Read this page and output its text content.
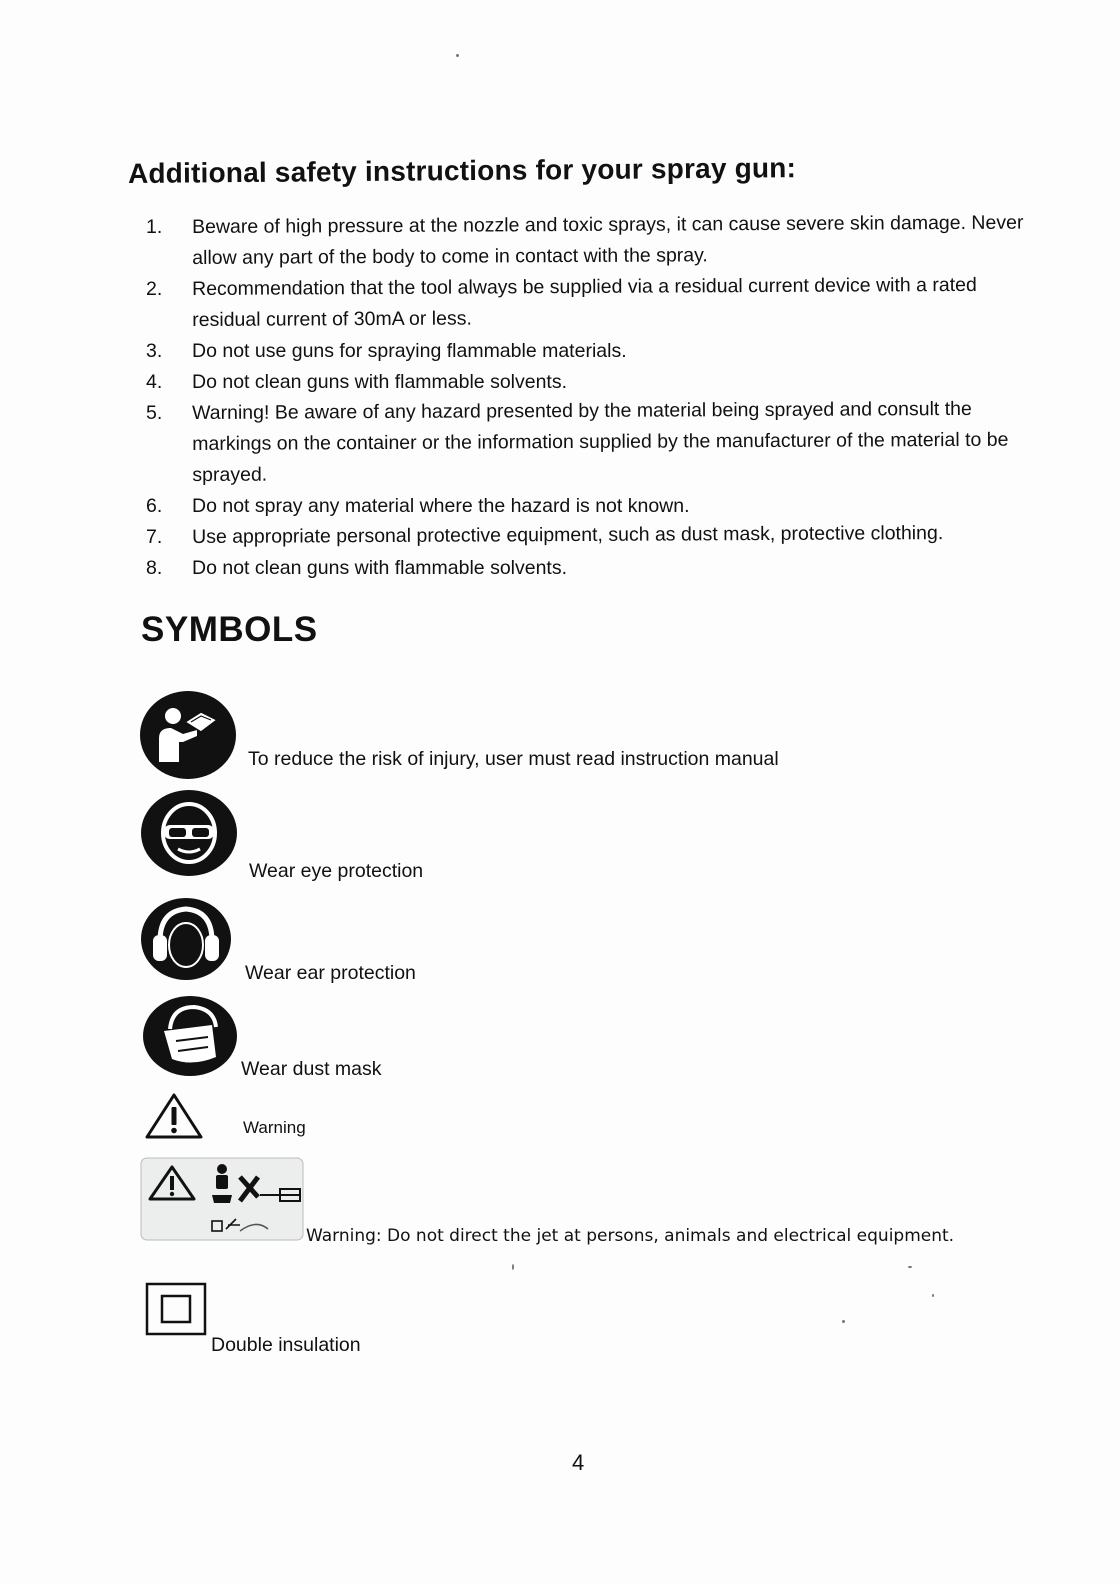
Additional safety instructions for your spray gun:
1.	Beware of high pressure at the nozzle and toxic sprays, it can cause severe skin damage. Never allow any part of the body to come in contact with the spray.
2.	Recommendation that the tool always be supplied via a residual current device with a rated residual current of 30mA or less.
3.	Do not use guns for spraying flammable materials.
4.	Do not clean guns with flammable solvents.
5.	Warning! Be aware of any hazard presented by the material being sprayed and consult the markings on the container or the information supplied by the manufacturer of the material to be sprayed.
6.	Do not spray any material where the hazard is not known.
7.	Use appropriate personal protective equipment, such as dust mask, protective clothing.
8.	Do not clean guns with flammable solvents.
SYMBOLS
To reduce the risk of injury, user must read instruction manual
Wear eye protection
Wear ear protection
Wear dust mask
Warning
Warning: Do not direct the jet at persons, animals and electrical equipment.
Double insulation
4
